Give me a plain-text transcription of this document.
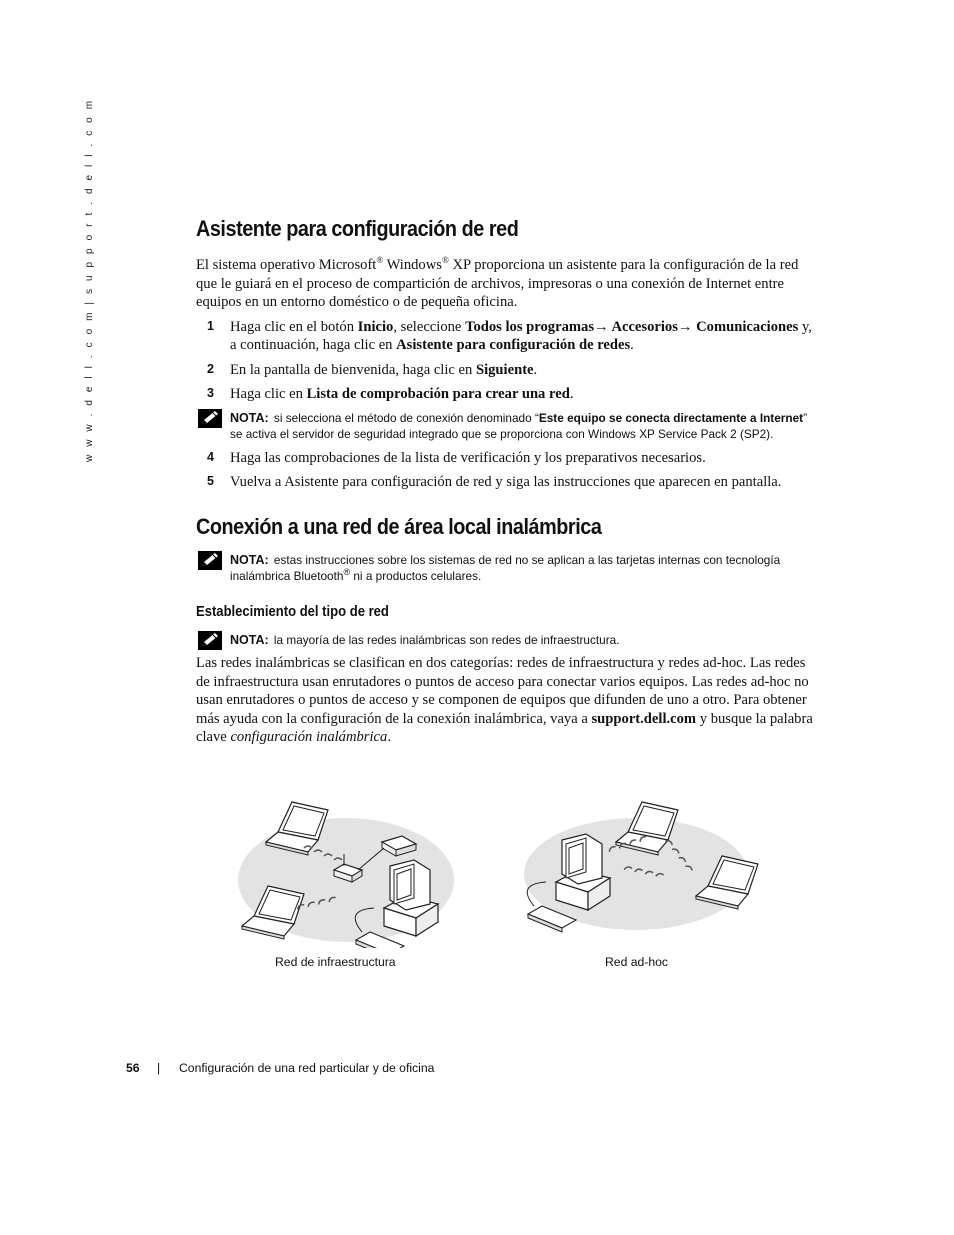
w w w . d e l l . c o m | s u p p o r t . d e l l . c o m	Asistente para configuración de red

El sistema operativo Microsoft® Windows® XP proporciona un asistente para la configuración de la red que le guiará en el proceso de compartición de archivos, impresoras o una conexión de Internet entre equipos en un entorno doméstico o de pequeña oficina.

1 Haga clic en el botón Inicio, seleccione Todos los programas→ Accesorios→ Comunicaciones y, a continuación, haga clic en Asistente para configuración de redes.

2 En la pantalla de bienvenida, haga clic en Siguiente.

3 Haga clic en Lista de comprobación para crear una red.

NOTA: si selecciona el método de conexión denominado “Este equipo se conecta directamente a Internet” se activa el servidor de seguridad integrado que se proporciona con Windows XP Service Pack 2 (SP2).
4 Haga las comprobaciones de la lista de verificación y los preparativos necesarios.

5 Vuelva a Asistente para configuración de red y siga las instrucciones que aparecen en pantalla.

Conexión a una red de área local inalámbrica
NOTA: estas instrucciones sobre los sistemas de red no se aplican a las tarjetas internas con tecnología inalámbrica Bluetooth® ni a productos celulares.
Establecimiento del tipo de red
NOTA: la mayoría de las redes inalámbricas son redes de infraestructura.

Las redes inalámbricas se clasifican en dos categorías: redes de infraestructura y redes ad-hoc. Las redes de infraestructura usan enrutadores o puntos de acceso para conectar varios equipos. Las redes ad-hoc no usan enrutadores o puntos de acceso y se componen de equipos que difunden de uno a otro. Para obtener más ayuda con la configuración de la conexión inalámbrica, vaya a support.dell.com y busque la palabra clave configuración inalámbrica.

Red de infraestructura	Red ad-hoc
56 | Configuración de una red particular y de oficina
